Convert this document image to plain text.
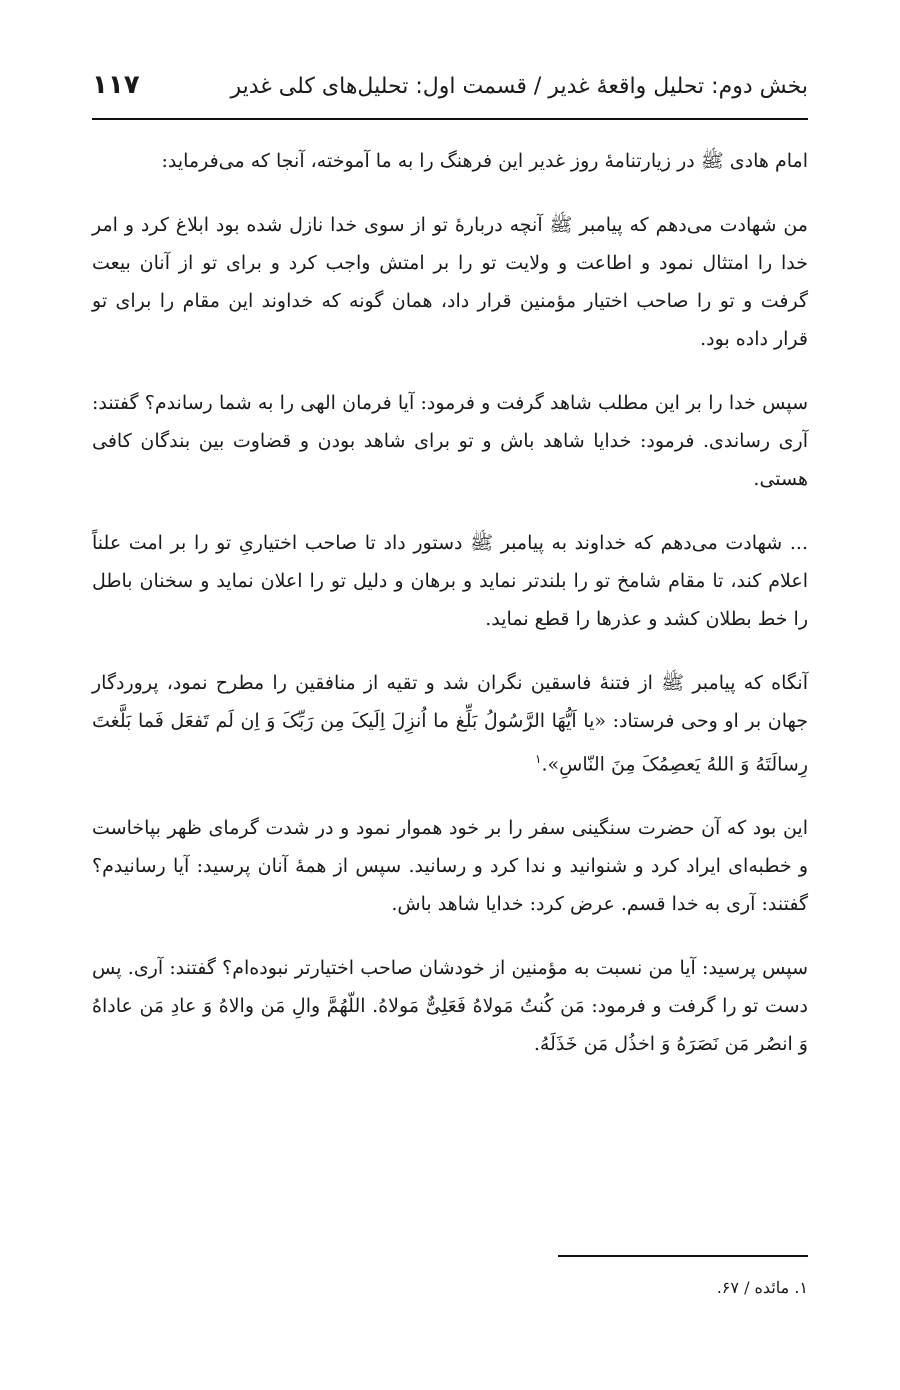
بخش دوم: تحلیل واقعهٔ غدیر / قسمت اول: تحلیل‌های کلی غدیر
۱۱۷

امام هادی ﷺ در زیارتنامهٔ روز غدیر این فرهنگ را به ما آموخته، آنجا که می‌فرماید:

من شهادت می‌دهم که پیامبر ﷺ آنچه دربارهٔ تو از سوی خدا نازل شده بود ابلاغ کرد و امر خدا را امتثال نمود و اطاعت و ولایت تو را بر امتش واجب کرد و برای تو از آنان بیعت گرفت و تو را صاحب اختیار مؤمنین قرار داد، همان گونه که خداوند این مقام را برای تو قرار داده بود.

سپس خدا را بر این مطلب شاهد گرفت و فرمود: آیا فرمان الهی را به شما رساندم؟ گفتند: آری رساندی. فرمود: خدایا شاهد باش و تو برای شاهد بودن و قضاوت بین بندگان کافی هستی.

... شهادت می‌دهم که خداوند به پیامبر ﷺ دستور داد تا صاحب اختیاریِ تو را بر امت علناً اعلام کند، تا مقام شامخ تو را بلندتر نماید و برهان و دلیل تو را اعلان نماید و سخنان باطل را خط بطلان کشد و عذرها را قطع نماید.

آنگاه که پیامبر ﷺ از فتنهٔ فاسقین نگران شد و تقیه از منافقین را مطرح نمود، پروردگار جهان بر او وحی فرستاد: «یا اَیُّهَا الرَّسُولُ بَلِّغ ما اُنزِلَ اِلَیکَ مِن رَبِّکَ وَ اِن لَم تَفعَل فَما بَلَّغتَ رِسالَتَهُ وَ اللهُ یَعصِمُکَ مِنَ النّاسِ».$^۱$

این بود که آن حضرت سنگینی سفر را بر خود هموار نمود و در شدت گرمای ظهر بپاخاست و خطبه‌ای ایراد کرد و شنوانید و ندا کرد و رسانید. سپس از همهٔ آنان پرسید: آیا رسانیدم؟ گفتند: آری به خدا قسم. عرض کرد: خدایا شاهد باش.

سپس پرسید: آیا من نسبت به مؤمنین از خودشان صاحب اختیارتر نبوده‌ام؟ گفتند: آری. پس دست تو را گرفت و فرمود: مَن کُنتُ مَولاهُ فَعَلِیٌّ مَولاهُ. اللّهُمَّ والِ مَن والاهُ وَ عادِ مَن عاداهُ وَ انصُر مَن نَصَرَهُ وَ اخذُل مَن خَذَلَهُ.

۱. مائده / ۶۷.
